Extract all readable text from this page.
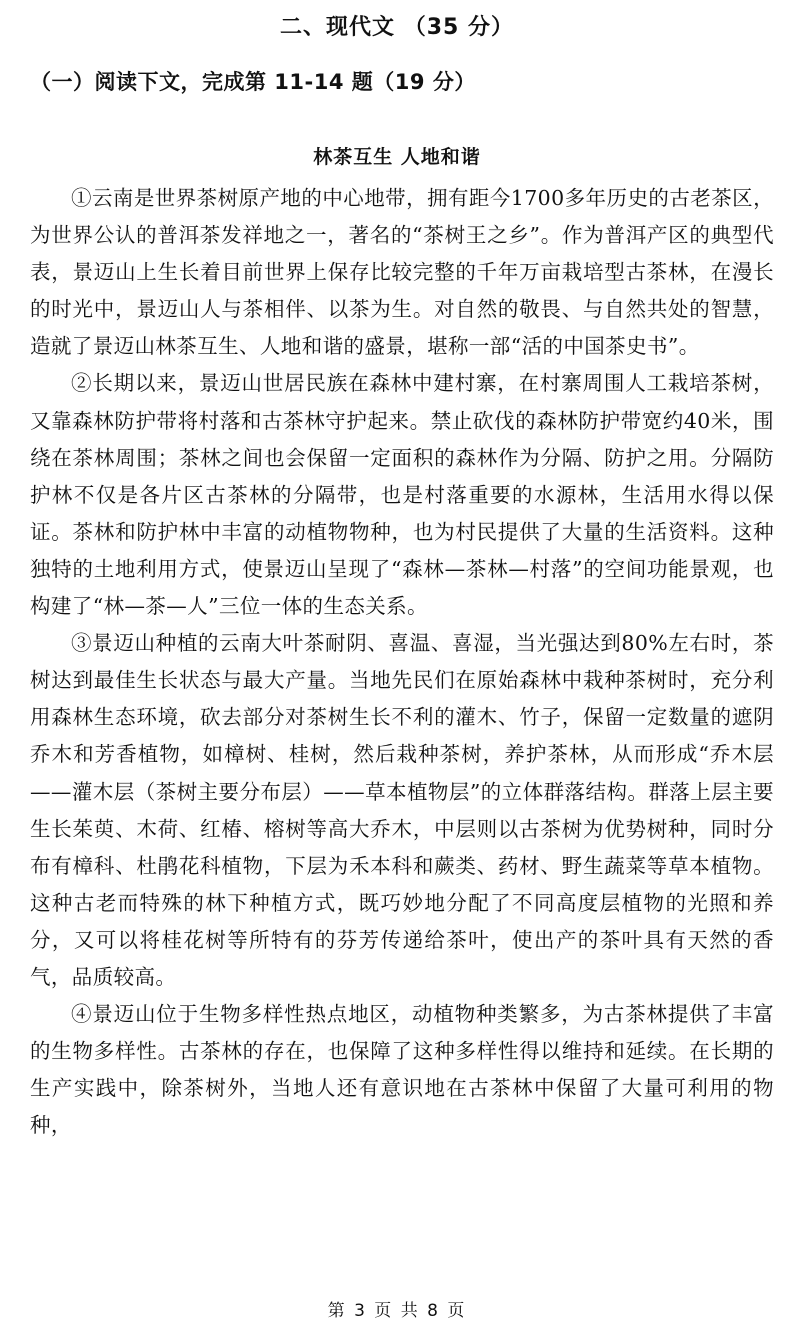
二、现代文 （35 分）
（一）阅读下文，完成第 11-14 题（19 分）
林茶互生 人地和谐

①云南是世界茶树原产地的中心地带，拥有距今1700多年历史的古老茶区，为世界公认的普洱茶发祥地之一，著名的“茶树王之乡”。作为普洱产区的典型代表，景迈山上生长着目前世界上保存比较完整的千年万亩栽培型古茶林，在漫长的时光中，景迈山人与茶相伴、以茶为生。对自然的敬畏、与自然共处的智慧，造就了景迈山林茶互生、人地和谐的盛景，堪称一部“活的中国茶史书”。

②长期以来，景迈山世居民族在森林中建村寨，在村寨周围人工栽培茶树，又靠森林防护带将村落和古茶林守护起来。禁止砍伐的森林防护带宽约40米，围绕在茶林周围；茶林之间也会保留一定面积的森林作为分隔、防护之用。分隔防护林不仅是各片区古茶林的分隔带，也是村落重要的水源林，生活用水得以保证。茶林和防护林中丰富的动植物物种，也为村民提供了大量的生活资料。这种独特的土地利用方式，使景迈山呈现了“森林—茶林—村落”的空间功能景观，也构建了“林—茶—人”三位一体的生态关系。

③景迈山种植的云南大叶茶耐阴、喜温、喜湿，当光强达到80%左右时，茶树达到最佳生长状态与最大产量。当地先民们在原始森林中栽种茶树时，充分利用森林生态环境，砍去部分对茶树生长不利的灌木、竹子，保留一定数量的遮阴乔木和芳香植物，如樟树、桂树，然后栽种茶树，养护茶林，从而形成“乔木层——灌木层（茶树主要分布层）——草本植物层”的立体群落结构。群落上层主要生长茱萸、木荷、红椿、榕树等高大乔木，中层则以古茶树为优势树种，同时分布有樟科、杜鹃花科植物，下层为禾本科和蕨类、药材、野生蔬菜等草本植物。这种古老而特殊的林下种植方式，既巧妙地分配了不同高度层植物的光照和养分，又可以将桂花树等所特有的芬芳传递给茶叶，使出产的茶叶具有天然的香气，品质较高。

④景迈山位于生物多样性热点地区，动植物种类繁多，为古茶林提供了丰富的生物多样性。古茶林的存在，也保障了这种多样性得以维持和延续。在长期的生产实践中，除茶树外，当地人还有意识地在古茶林中保留了大量可利用的物种，

第 3 页 共 8 页
